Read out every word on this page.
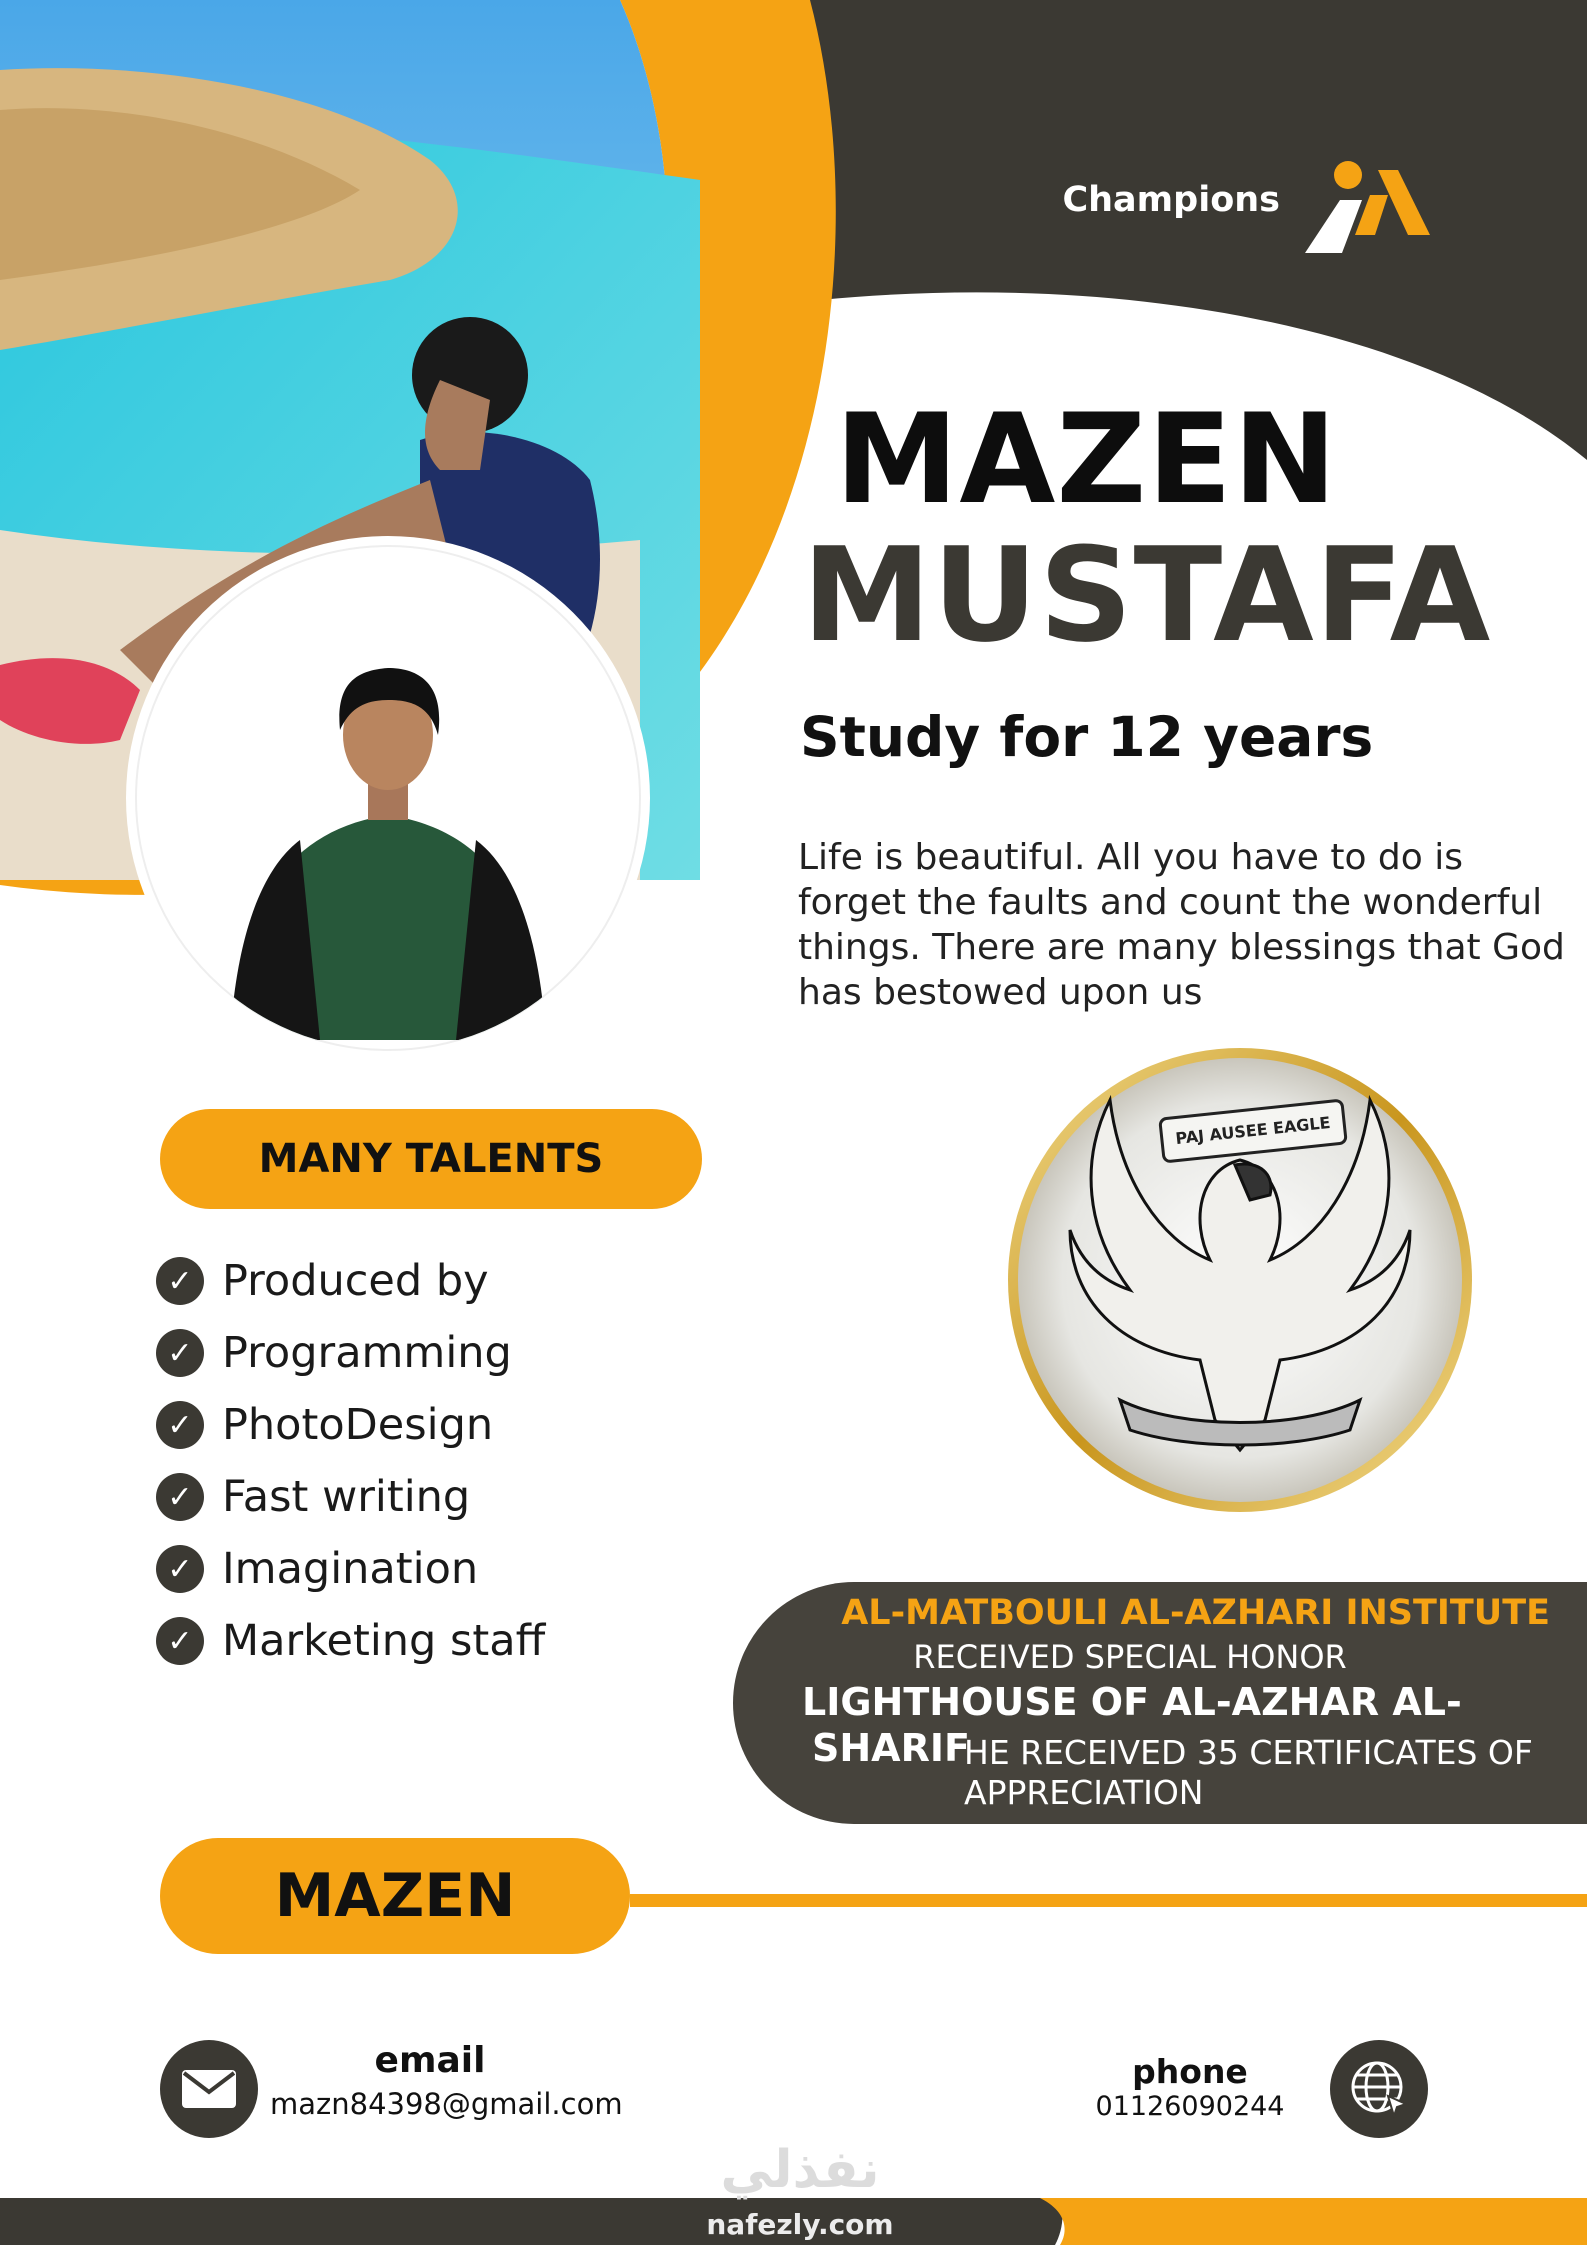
Champions
MAZEN
MUSTAFA
Study for 12 years
Life is beautiful. All you have to do is forget the faults and count the wonderful things. There are many blessings that God has bestowed upon us
MANY TALENTS
✓ Produced by
✓ Programming
✓ PhotoDesign
✓ Fast writing
✓ Imagination
✓ Marketing staff
PAJ AUSEE EAGLE
AL-MATBOULI AL-AZHARI INSTITUTE
RECEIVED SPECIAL HONOR
LIGHTHOUSE OF AL-AZHAR AL-
SHARIF
HE RECEIVED 35 CERTIFICATES OF APPRECIATION
MAZEN
email
mazn84398@gmail.com
phone
01126090244
نفذلي
nafezly.com
